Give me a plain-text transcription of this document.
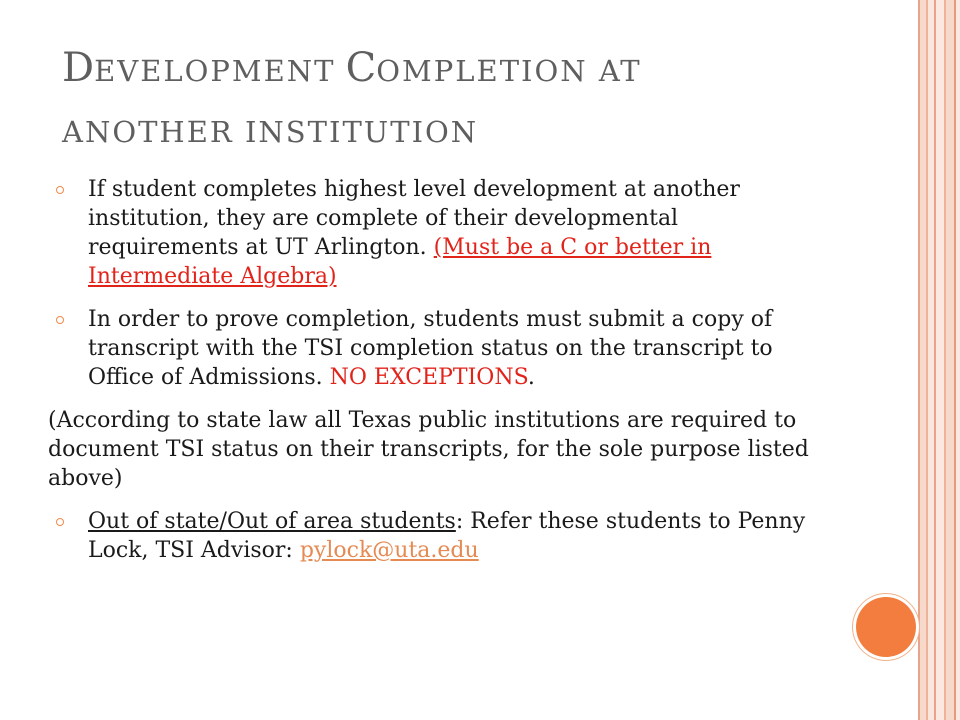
DEVELOPMENT COMPLETION AT
ANOTHER INSTITUTION

If student completes highest level development at another institution, they are complete of their developmental requirements at UT Arlington. (Must be a C or better in Intermediate Algebra)

In order to prove completion, students must submit a copy of transcript with the TSI completion status on the transcript to Office of Admissions. NO EXCEPTIONS.

(According to state law all Texas public institutions are required to document TSI status on their transcripts, for the sole purpose listed above)

Out of state/Out of area students: Refer these students to Penny Lock, TSI Advisor: pylock@uta.edu
